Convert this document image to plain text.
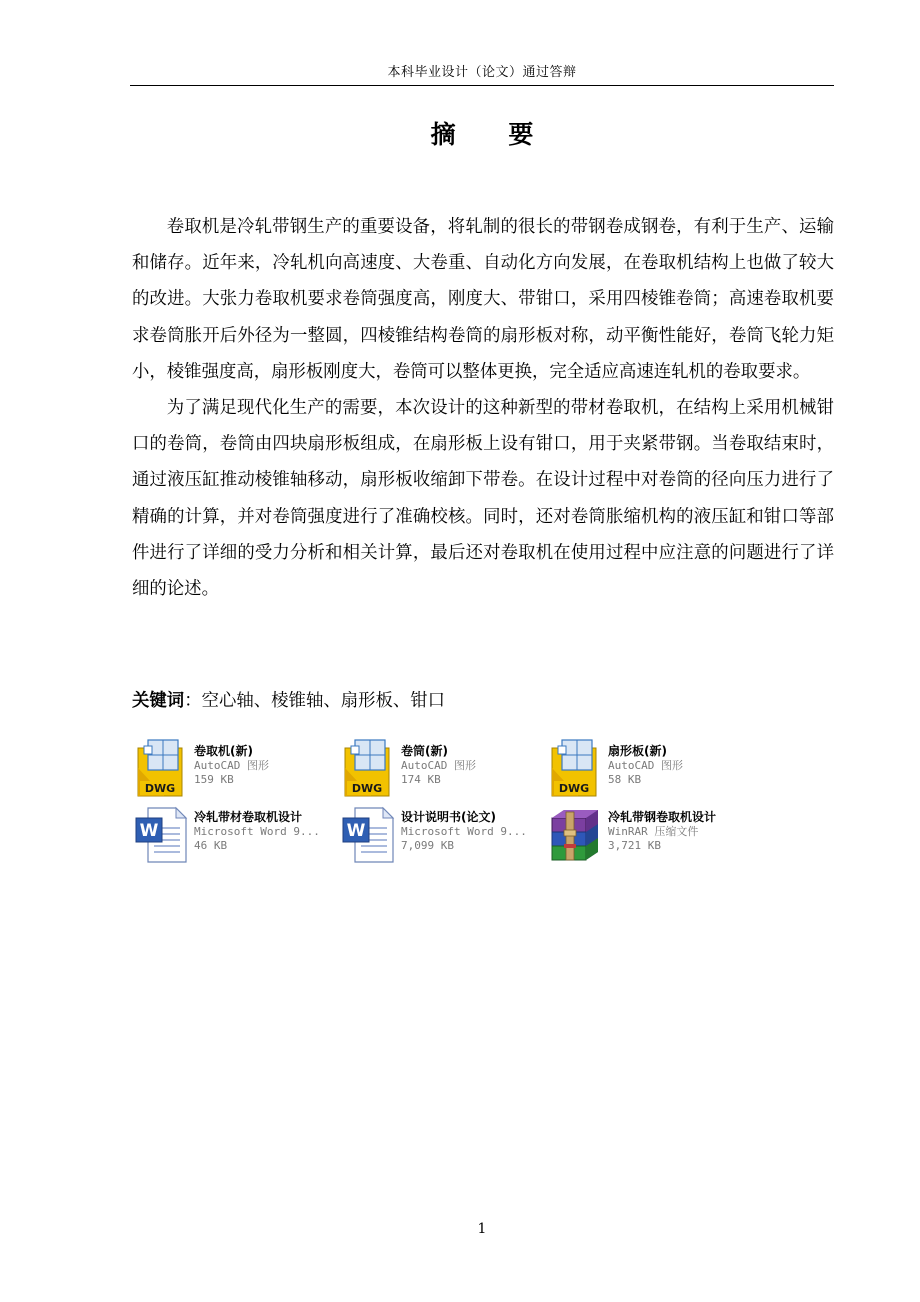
本科毕业设计（论文）通过答辩
摘 要

卷取机是冷轧带钢生产的重要设备，将轧制的很长的带钢卷成钢卷，有利于生产、运输和储存。近年来，冷轧机向高速度、大卷重、自动化方向发展，在卷取机结构上也做了较大的改进。大张力卷取机要求卷筒强度高，刚度大、带钳口，采用四棱锥卷筒；高速卷取机要求卷筒胀开后外径为一整圆，四棱锥结构卷筒的扇形板对称，动平衡性能好，卷筒飞轮力矩小，棱锥强度高，扇形板刚度大，卷筒可以整体更换，完全适应高速连轧机的卷取要求。

为了满足现代化生产的需要，本次设计的这种新型的带材卷取机，在结构上采用机械钳口的卷筒，卷筒由四块扇形板组成，在扇形板上设有钳口，用于夹紧带钢。当卷取结束时，通过液压缸推动棱锥轴移动，扇形板收缩卸下带卷。在设计过程中对卷筒的径向压力进行了精确的计算，并对卷筒强度进行了准确校核。同时，还对卷筒胀缩机构的液压缸和钳口等部件进行了详细的受力分析和相关计算，最后还对卷取机在使用过程中应注意的问题进行了详细的论述。

关键词：空心轴、棱锥轴、扇形板、钳口
DWG
卷取机(新)
AutoCAD 图形
159 KB
DWG
卷筒(新)
AutoCAD 图形
174 KB
DWG
扇形板(新)
AutoCAD 图形
58 KB
W
冷轧带材卷取机设计
Microsoft Word 9...
46 KB
W
设计说明书(论文)
Microsoft Word 9...
7,099 KB
冷轧带钢卷取机设计
WinRAR 压缩文件
3,721 KB
1
